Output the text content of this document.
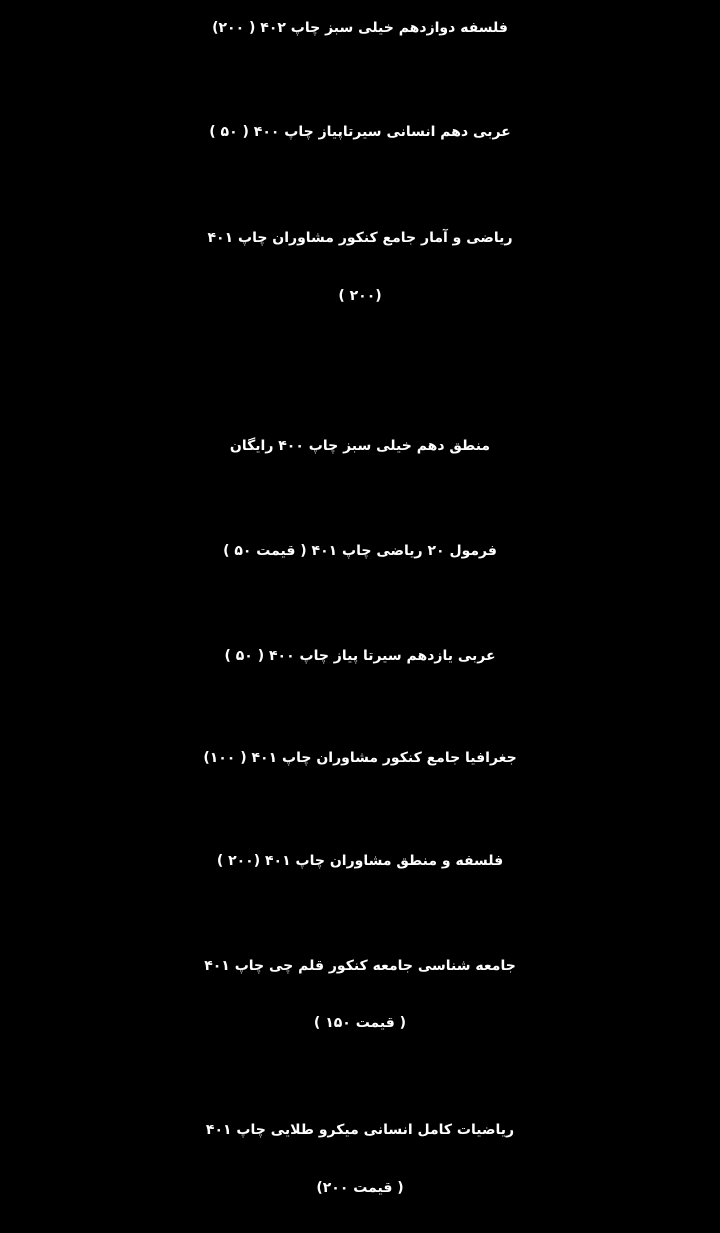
فلسفه دوازدهم خیلی سبز چاپ ۴۰۲ ( ۲۰۰)
عربی دهم انسانی سیرتاپیاز چاپ ۴۰۰ ( ۵۰ )
ریاضی و آمار جامع کنکور مشاوران چاپ ۴۰۱
( ۲۰۰)
منطق دهم خیلی سبز چاپ ۴۰۰ رایگان
فرمول ۲۰ ریاضی چاپ ۴۰۱ ( قیمت ۵۰ )
عربی یازدهم سیرتا پیاز چاپ ۴۰۰ ( ۵۰ )
جغرافیا جامع کنکور مشاوران چاپ ۴۰۱ ( ۱۰۰)
فلسفه و منطق مشاوران چاپ ۴۰۱ (۲۰۰ )
جامعه شناسی جامعه کنکور قلم چی چاپ ۴۰۱
( قیمت ۱۵۰ )
ریاضیات کامل انسانی میکرو طلایی چاپ ۴۰۱
( قیمت ۲۰۰)
